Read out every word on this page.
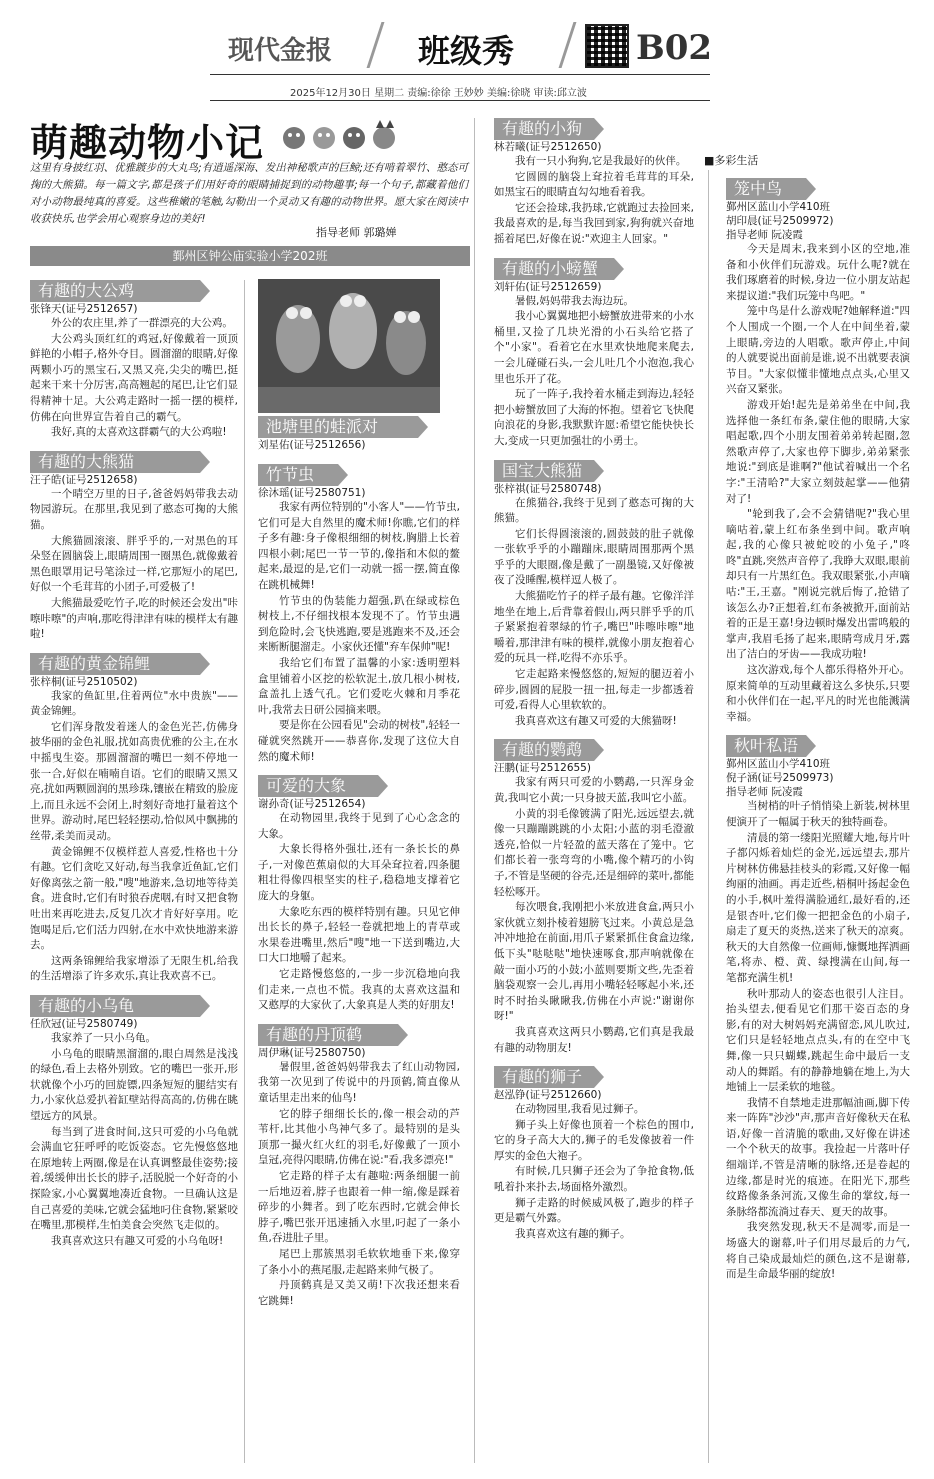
现代金报	班级秀	B02
2025年12月30日 星期二 责编:徐徐 王妙妙 美编:徐晓 审读:邱立波
萌趣动物小记
这里有身披红羽、优雅踱步的大丸鸟;有逍遥深海、发出神秘歌声的巨鲸;还有啃着翠竹、憨态可掬的大熊猫。每一篇文字,都是孩子们用好奇的眼睛捕捉到的动物趣事;每一个句子,都藏着他们对小动物最纯真的喜爱。这些稚嫩的笔触,勾勒出一个灵动又有趣的动物世界。愿大家在阅读中收获快乐,也学会用心观察身边的美好!
指导老师 郭璐婵
鄞州区钟公庙实验小学202班
■多彩生活
有趣的大公鸡
张锋天(证号2512657)

外公的农庄里,养了一群漂亮的大公鸡。

大公鸡头顶红红的鸡冠,好像戴着一顶顶鲜艳的小帽子,格外夺目。圆溜溜的眼睛,好像两颗小巧的黑宝石,又黑又亮,尖尖的嘴巴,挺起来干来十分厉害,高高翘起的尾巴,让它们显得精神十足。大公鸡走路时一摇一摆的模样,仿佛在向世界宣告着自己的霸气。

我好,真的太喜欢这群霸气的大公鸡啦!

有趣的大熊猫
汪子皓(证号2512658)

一个晴空万里的日子,爸爸妈妈带我去动物园游玩。在那里,我见到了憨态可掬的大熊猫。

大熊猫圆滚滚、胖乎乎的,一对黑色的耳朵竖在圆脑袋上,眼睛周围一圈黑色,就像戴着黑色眼罩用记号笔涂过一样,它那短小的尾巴,好似一个毛茸茸的小团子,可爱极了!

大熊猫最爱吃竹子,吃的时候还会发出"咔嚓咔嚓"的声响,那吃得津津有味的模样太有趣啦!

有趣的黄金锦鲤
张梓桐(证号2510502)

我家的鱼缸里,住着两位"水中贵族"——黄金锦鲤。

它们浑身散发着迷人的金色光芒,仿佛身披华丽的金色礼服,扰如高贵优雅的公主,在水中摇曳生姿。那圆溜溜的嘴巴一刻不停地一张一合,好似在喃喃自语。它们的眼睛又黑又亮,扰如两颗圆润的黑珍珠,镶嵌在精致的脸庞上,而且永远不会闭上,时刻好奇地打量着这个世界。游动时,尾巴轻轻摆动,恰似风中飘拂的丝带,柔美而灵动。

黄金锦鲤不仅模样惹人喜爱,性格也十分有趣。它们贪吃又好动,每当我拿近鱼缸,它们好像离弦之箭一般,"嗖"地游来,急切地等待美食。进食时,它们有时狼吞虎咽,有时又把食物吐出来再吃进去,反复几次才肯好好享用。吃饱喝足后,它们活力四射,在水中欢快地游来游去。

这两条锦鲤给我家增添了无限生机,给我的生活增添了许多欢乐,真让我欢喜不已。

有趣的小乌龟
任欣冠(证号2580749)

我家养了一只小乌龟。

小乌龟的眼睛黑溜溜的,眼白周然是浅浅的绿色,看上去格外别致。它的嘴巴一张开,形状就像个小巧的回旋镖,四条短短的腿结实有力,小家伙总爱扒着缸壁站得高高的,仿佛在眺望远方的风景。

每当到了进食时间,这只可爱的小乌龟就会满血它狂呼呼的吃饭姿态。它先慢悠悠地在原地转上两圈,像是在认真调整最佳姿势;接着,缓缓伸出长长的脖子,活脱脱一个好奇的小探险家,小心翼翼地凑近食物。一旦确认这是自己喜爱的美味,它就会猛地叼住食物,紧紧咬在嘴里,那模样,生怕美食会突然飞走似的。

我真喜欢这只有趣又可爱的小乌龟呀!

池塘里的蛙派对
刘星佑(证号2512656)
竹节虫
徐沐瑶(证号2580751)

我家有两位特别的"小客人"——竹节虫,它们可是大自然里的魔术师!你瞧,它们的样子多有趣:身子像根细细的树枝,胸腊上长着四根小刺;尾巴一节一节的,像指和木似的鳌起来,最逗的是,它们一动就一摇一摆,简直像在跳机械舞!

竹节虫的伪装能力超强,趴在绿或棕色树枝上,不仔细找根本发现不了。竹节虫遇到危险时,会飞快逃跑,要是逃跑来不及,还会来断断腿溜走。小家伙还懂"弃车保帅"呢!

我给它们布置了温馨的小家:透明塑料盒里铺着小区挖的松软泥土,放几根小树枝,盒盖扎上透气孔。它们爱吃火棘和月季花叶,我常去日研公园摘来喂。

要是你在公园看见"会动的树枝",轻轻一碰就突然跳开——恭喜你,发现了这位大自然的魔术师!

可爱的大象
谢孙奇(证号2512654)

在动物园里,我终于见到了心心念念的大象。

大象长得格外强壮,还有一条长长的鼻子,一对像芭蕉扇似的大耳朵耷拉着,四条腿粗壮得像四根坚实的柱子,稳稳地支撑着它庞大的身躯。

大象吃东西的模样特别有趣。只见它伸出长长的鼻子,轻轻一卷就把地上的青草或水果卷进嘴里,然后"嗖"地一下送到嘴边,大口大口地嚼了起来。

它走路慢悠悠的,一步一步沉稳地向我们走来,一点也不慌。我真的太喜欢这温和又憨厚的大家伙了,大象真是人类的好朋友!

有趣的丹顶鹤
周伊琳(证号2580750)

暑假里,爸爸妈妈带我去了红山动物园,我第一次见到了传说中的丹顶鹤,简直像从童话里走出来的仙鸟!

它的脖子细细长长的,像一根会动的芦苇杆,比其他小鸟神气多了。最特别的是头顶那一撮火红火红的羽毛,好像戴了一顶小皇冠,亮得闪眼睛,仿佛在说:"看,我多漂亮!"

它走路的样子太有趣啦:两条细腿一前一后地迈着,脖子也跟着一伸一缩,像是踩着碎步的小舞者。到了吃东西时,它就会伸长脖子,嘴巴张开迅速插入水里,叼起了一条小鱼,吞进肚子里。

尾巴上那簇黑羽毛软软地垂下来,像穿了条小小的燕尾服,走起路来帅气极了。

丹顶鹤真是又美又萌!下次我还想来看它跳舞!

有趣的小狗
林若曦(证号2512650)

我有一只小狗狗,它是我最好的伙伴。

它圆圆的脑袋上耷拉着毛茸茸的耳朵,如黑宝石的眼睛直勾勾地看着我。

它还会捡球,我扔球,它就跑过去捡回来,我最喜欢的是,每当我回到家,狗狗就兴奋地摇着尾巴,好像在说:"欢迎主人回家。"

有趣的小螃蟹
刘轩佑(证号2512659)

暑假,妈妈带我去海边玩。

我小心翼翼地把小螃蟹放进带来的小水桶里,又捡了几块光滑的小石头给它搭了个"小家"。看着它在水里欢快地爬来爬去,一会儿碰碰石头,一会儿吐几个小泡泡,我心里也乐开了花。

玩了一阵子,我拎着水桶走到海边,轻轻把小螃蟹放回了大海的怀抱。望着它飞快爬向浪花的身影,我默默许愿:希望它能快快长大,变成一只更加强壮的小勇士。

国宝大熊猫
张梓祺(证号2580748)

在熊猫谷,我终于见到了憨态可掬的大熊猫。

它们长得圆滚滚的,圆鼓鼓的肚子就像一张软乎乎的小蹦蹦床,眼睛周围那两个黑乎乎的大眼圈,像是戴了一副墨镜,又好像被夜了没睡醒,模样逗人极了。

大熊猫吃竹子的样子最有趣。它像洋洋地坐在地上,后背靠着假山,两只胖乎乎的爪子紧紧抱着翠绿的竹子,嘴巴"咔嚓咔嚓"地嚼着,那津津有味的模样,就像小朋友抱着心爱的玩具一样,吃得不亦乐乎。

它走起路来慢悠悠的,短短的腿迈着小碎步,圆圆的屁股一扭一扭,每走一步都透着可爱,看得人心里软软的。

我真喜欢这有趣又可爱的大熊猫呀!

有趣的鹦鹉
汪鹏(证号2512655)

我家有两只可爱的小鹦鹉,一只浑身金黄,我叫它小黄;一只身披天蓝,我叫它小蓝。

小黄的羽毛像镀满了阳光,远远望去,就像一只蹦蹦跳跳的小太阳;小蓝的羽毛澄澈透亮,恰似一片轻盈的蓝天落在了笼中。它们都长着一张弯弯的小嘴,像个精巧的小钩子,不管是坚硬的谷壳,还是细碎的菜叶,都能轻松啄开。

每次喂食,我刚把小米放进食盒,两只小家伙就立刻扑棱着翅膀飞过来。小黄总是急冲冲地抢在前面,用爪子紧紧抓住食盒边缘,低下头"哒哒哒"地快速啄食,那声响就像在敲一面小巧的小鼓;小蓝则要斯文些,先歪着脑袋观察一会儿,再用小嘴轻轻啄起小米,还时不时抬头瞅瞅我,仿佛在小声说:"谢谢你呀!"

我真喜欢这两只小鹦鹉,它们真是我最有趣的动物朋友!

有趣的狮子
赵泓铮(证号2512660)

在动物园里,我看见过狮子。

狮子头上好像也顶着一个棕色的围巾,它的身子高大大的,狮子的毛发像披着一件厚实的金色大袍子。

有时候,几只狮子还会为了争抢食物,低吼着扑来扑去,场面格外激烈。

狮子走路的时候威风极了,跑步的样子更是霸气外露。

我真喜欢这有趣的狮子。

笼中鸟
鄞州区蓝山小学410班
胡印晨(证号2509972)
指导老师 阮凌霞

今天是周末,我来到小区的空地,准备和小伙伴们玩游戏。玩什么呢?就在我们琢磨着的时候,身边一位小朋友站起来提议道:"我们玩笼中鸟吧。"

笼中鸟是什么游戏呢?她解释道:"四个人围成一个圈,一个人在中间坐着,蒙上眼睛,旁边的人唱歌。歌声停止,中间的人就要说出面前是谁,说不出就要表演节目。"大家似懂非懂地点点头,心里又兴奋又紧张。

游戏开始!起先是弟弟坐在中间,我选择他一条红布条,蒙住他的眼睛,大家唱起歌,四个小朋友围着弟弟转起圈,忽然歌声停了,大家也停下脚步,弟弟紧张地说:"到底是谁啊?"他试着喊出一个名字:"王清哈?"大家立刻鼓起掌——他猜对了!

"轮到我了,会不会猜错呢?"我心里嘀咕着,蒙上红布条坐到中间。歌声响起,我的心像只被蛇咬的小兔子,"咚咚"直跳,突然声音停了,我睁大双眼,眼前却只有一片黑红色。我双眼紧张,小声嘀咕:"王,王嘉。"刚说完就后悔了,抢错了该怎么办?正想着,红布条被掀开,面前站着的正是王嘉!身边顿时爆发出雷鸣般的掌声,我眉毛扬了起来,眼睛弯成月牙,露出了洁白的牙齿——我成功啦!

这次游戏,每个人都乐得格外开心。原来简单的互动里藏着这么多快乐,只要和小伙伴们在一起,平凡的时光也能溅满幸福。

秋叶私语
鄞州区蓝山小学410班
倪子涵(证号2509973)
指导老师 阮凌霞

当树梢的叶子悄悄染上新装,树林里便演开了一幅属于秋天的独特画卷。

清晨的第一缕阳光照耀大地,每片叶子都闪烁着灿烂的金光,远远望去,那片片树林仿佛悬挂枝头的彩霞,又好像一幅绚丽的油画。再走近些,梧桐叶扬起金色的小手,枫叶羞得满脸通红,最好看的,还是银杏叶,它们像一把把金色的小扇子,扇走了夏天的炎热,送来了秋天的凉爽。秋天的大自然像一位画师,慷慨地挥洒画笔,将赤、橙、黄、绿搜满在山间,每一笔都充满生机!

秋叶那动人的姿态也很引人注目。抬头望去,便看见它们那干姿百态的身影,有的对大树妈妈充满留恋,风儿吹过,它们只是轻轻地点点头,有的在空中飞舞,像一只只蝴蝶,跳起生命中最后一支动人的舞蹈。有的静静地躺在地上,为大地铺上一层柔软的地毯。

我情不自禁地走进那幅油画,脚下传来一阵阵"沙沙"声,那声音好像秋天在私语,好像一首清脆的歌曲,又好像在讲述一个个秋天的故事。我捡起一片落叶仔细端详,不管是清晰的脉络,还是卷起的边缘,都是时光的痕迹。在阳光下,那些纹路像条条河流,又像生命的掌纹,每一条脉络都流淌过春天、夏天的故事。

我突然发现,秋天不是凋零,而是一场盛大的谢幕,叶子们用尽最后的力气,将自己染成最灿烂的颜色,这不是谢幕,而是生命最华丽的绽放!
